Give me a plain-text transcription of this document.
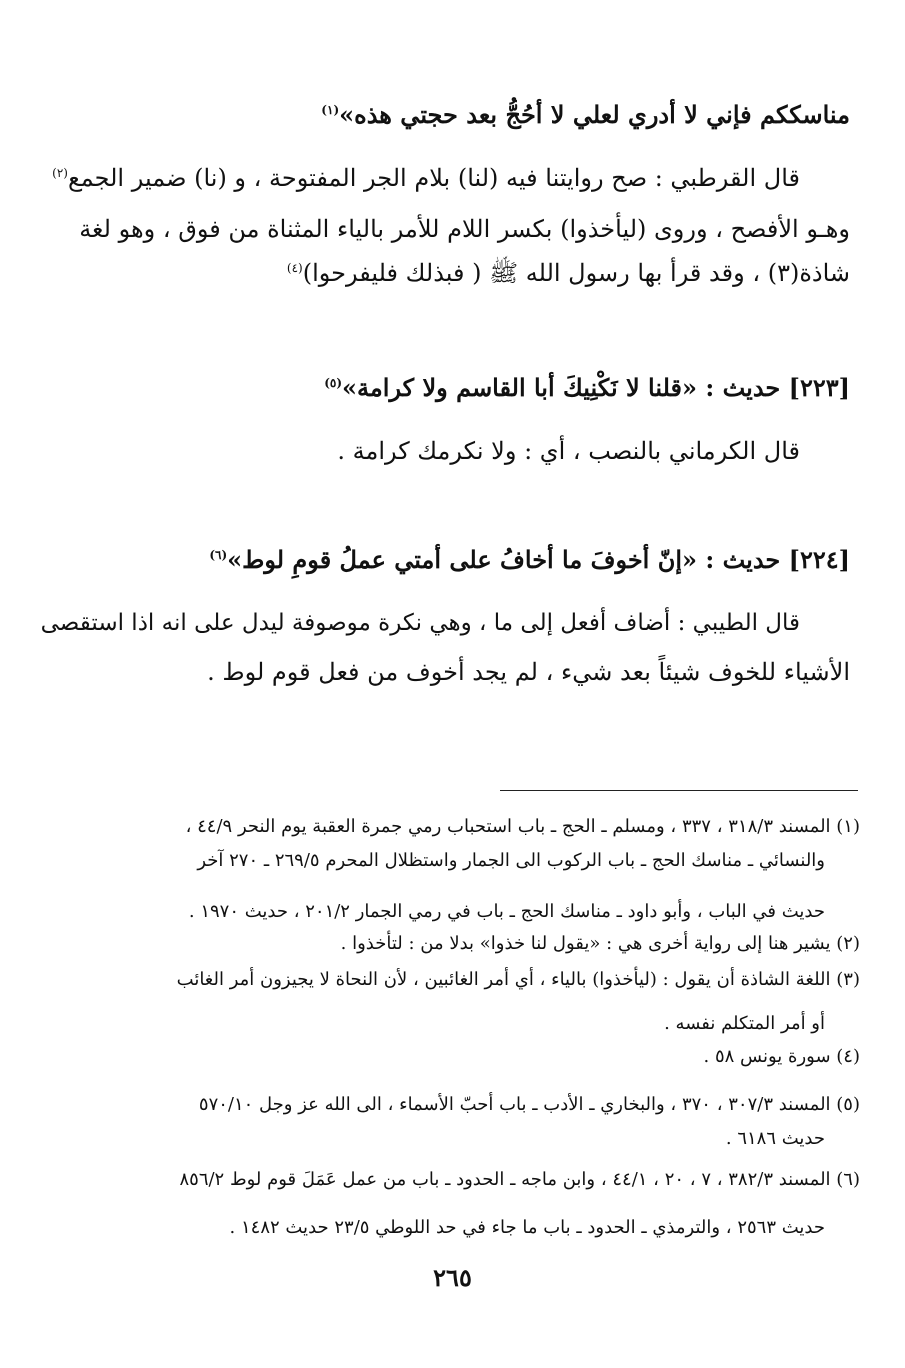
مناسككم فإني لا أدري لعلي لا أحُجُّ بعد حجتي هذه»$^{(١)}$
قال القرطبي : صح روايتنا فيه (لنا) بلام الجر المفتوحة ، و (نا) ضمير الجمع$^{(٢)}$
وهـو الأفصح ، وروى (ليأخذوا) بكسر اللام للأمر بالياء المثناة من فوق ، وهو لغة
شاذة(٣) ، وقد قرأ بها رسول الله ﷺ ( فبذلك فليفرحوا)$^{(٤)}$
[٢٢٣] حديث : «قلنا لا نَكْنِيكَ أبا القاسم ولا كرامة»$^{(٥)}$
قال الكرماني بالنصب ، أي : ولا نكرمك كرامة .
[٢٢٤] حديث : «إنّ أخوفَ ما أخافُ على أمتي عملُ قومِ لوط»$^{(٦)}$
قال الطيبي : أضاف أفعل إلى ما ، وهي نكرة موصوفة ليدل على انه اذا استقصى
الأشياء للخوف شيئاً بعد شيء ، لم يجد أخوف من فعل قوم لوط .
(١) المسند ٣١٨/٣ ، ٣٣٧ ، ومسلم ـ الحج ـ باب استحباب رمي جمرة العقبة يوم النحر ٤٤/٩ ،
والنسائي ـ مناسك الحج ـ باب الركوب الى الجمار واستظلال المحرم ٢٦٩/٥ ـ ٢٧٠ آخر
حديث في الباب ، وأبو داود ـ مناسك الحج ـ باب في رمي الجمار ٢٠١/٢ ، حديث ١٩٧٠ .
(٢) يشير هنا إلى رواية أخرى هي : «يقول لنا خذوا» بدلا من : لتأخذوا .
(٣) اللغة الشاذة أن يقول : (ليأخذوا) بالياء ، أي أمر الغائبين ، لأن النحاة لا يجيزون أمر الغائب
أو أمر المتكلم نفسه .
(٤) سورة يونس ٥٨ .
(٥) المسند ٣٠٧/٣ ، ٣٧٠ ، والبخاري ـ الأدب ـ باب أحبّ الأسماء ، الى الله عز وجل ٥٧٠/١٠
حديث ٦١٨٦ .
(٦) المسند ٣٨٢/٣ ، ٧ ، ٢٠ ، ٤٤/١ ، وابن ماجه ـ الحدود ـ باب من عمل عَمَلَ قوم لوط ٨٥٦/٢
حديث ٢٥٦٣ ، والترمذي ـ الحدود ـ باب ما جاء في حد اللوطي ٢٣/٥ حديث ١٤٨٢ .
٢٦٥
